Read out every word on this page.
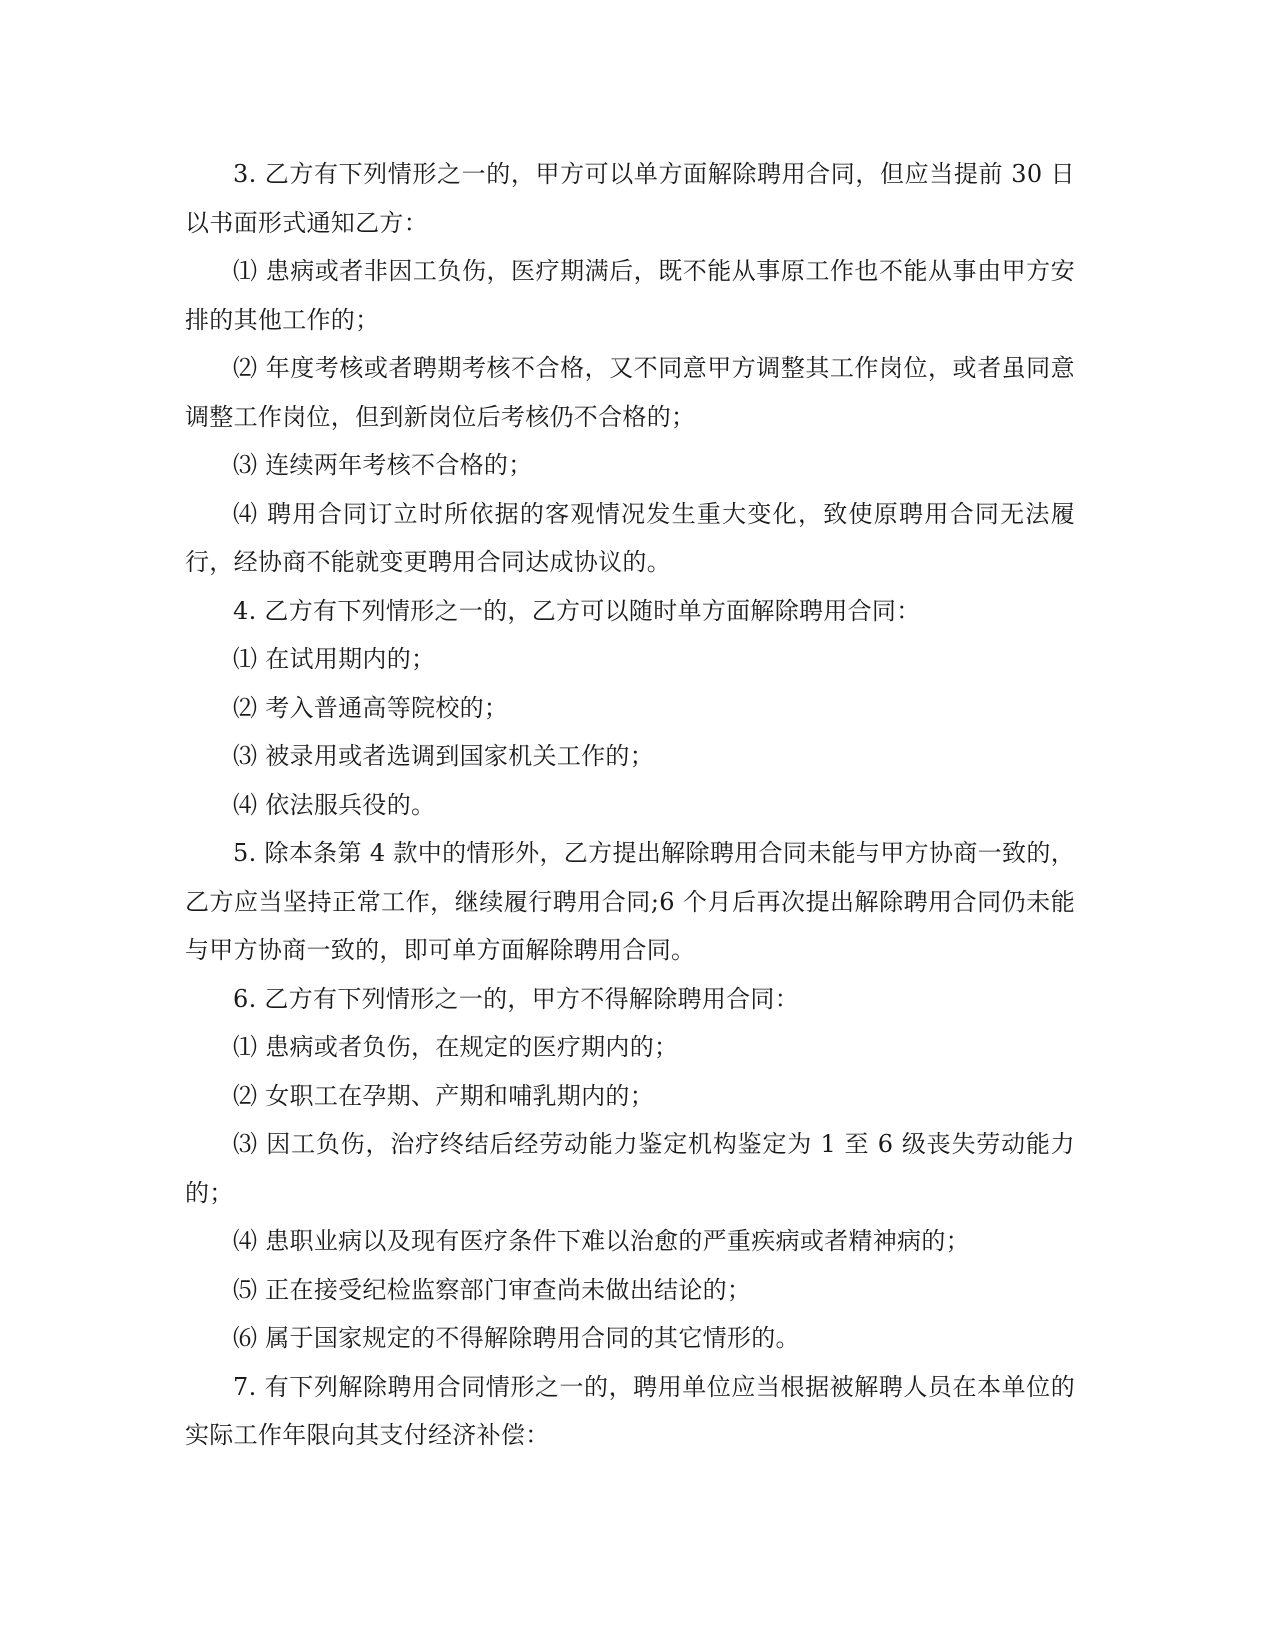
3. 乙方有下列情形之一的，甲方可以单方面解除聘用合同，但应当提前 30 日以书面形式通知乙方：

⑴ 患病或者非因工负伤，医疗期满后，既不能从事原工作也不能从事由甲方安排的其他工作的；

⑵ 年度考核或者聘期考核不合格，又不同意甲方调整其工作岗位，或者虽同意调整工作岗位，但到新岗位后考核仍不合格的；

⑶ 连续两年考核不合格的；

⑷ 聘用合同订立时所依据的客观情况发生重大变化，致使原聘用合同无法履行，经协商不能就变更聘用合同达成协议的。

4. 乙方有下列情形之一的，乙方可以随时单方面解除聘用合同：

⑴ 在试用期内的；

⑵ 考入普通高等院校的；

⑶ 被录用或者选调到国家机关工作的；

⑷ 依法服兵役的。

5. 除本条第 4 款中的情形外，乙方提出解除聘用合同未能与甲方协商一致的，乙方应当坚持正常工作，继续履行聘用合同;6 个月后再次提出解除聘用合同仍未能与甲方协商一致的，即可单方面解除聘用合同。

6. 乙方有下列情形之一的，甲方不得解除聘用合同：

⑴ 患病或者负伤，在规定的医疗期内的；

⑵ 女职工在孕期、产期和哺乳期内的；

⑶ 因工负伤，治疗终结后经劳动能力鉴定机构鉴定为 1 至 6 级丧失劳动能力的；

⑷ 患职业病以及现有医疗条件下难以治愈的严重疾病或者精神病的；

⑸ 正在接受纪检监察部门审查尚未做出结论的；

⑹ 属于国家规定的不得解除聘用合同的其它情形的。

7. 有下列解除聘用合同情形之一的，聘用单位应当根据被解聘人员在本单位的实际工作年限向其支付经济补偿：
